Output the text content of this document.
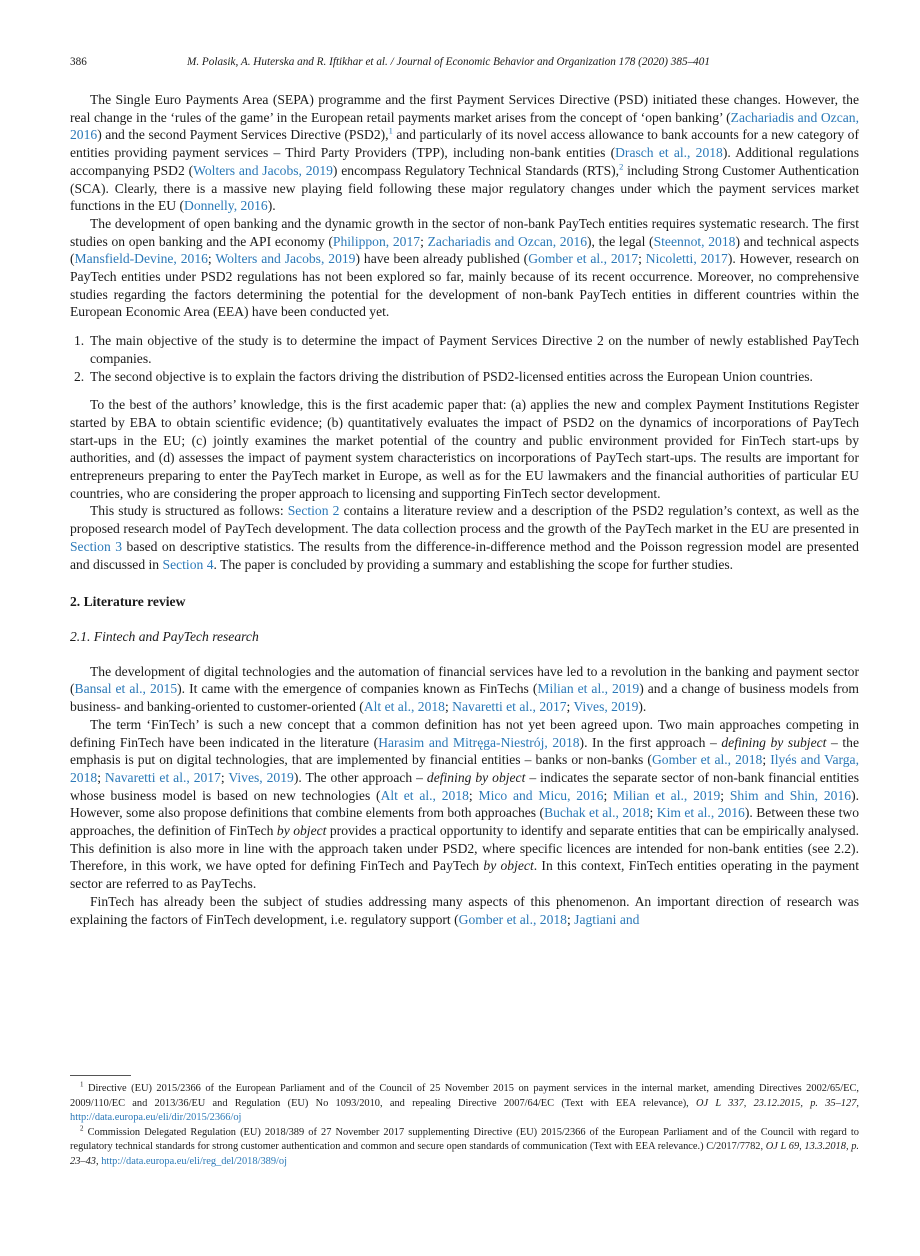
386	M. Polasik, A. Huterska and R. Iftikhar et al. / Journal of Economic Behavior and Organization 178 (2020) 385–401

The Single Euro Payments Area (SEPA) programme and the first Payment Services Directive (PSD) initiated these changes. However, the real change in the ‘rules of the game’ in the European retail payments market arises from the concept of ‘open banking’ (Zachariadis and Ozcan, 2016) and the second Payment Services Directive (PSD2),$^1$ and particularly of its novel access allowance to bank accounts for a new category of entities providing payment services – Third Party Providers (TPP), including non-bank entities (Drasch et al., 2018). Additional regulations accompanying PSD2 (Wolters and Jacobs, 2019) encompass Regulatory Technical Standards (RTS),$^2$ including Strong Customer Authentication (SCA). Clearly, there is a massive new playing field following these major regulatory changes under which the payment services market functions in the EU (Donnelly, 2016).

The development of open banking and the dynamic growth in the sector of non-bank PayTech entities requires systematic research. The first studies on open banking and the API economy (Philippon, 2017; Zachariadis and Ozcan, 2016), the legal (Steennot, 2018) and technical aspects (Mansfield-Devine, 2016; Wolters and Jacobs, 2019) have been already published (Gomber et al., 2017; Nicoletti, 2017). However, research on PayTech entities under PSD2 regulations has not been explored so far, mainly because of its recent occurrence. Moreover, no comprehensive studies regarding the factors determining the potential for the development of non-bank PayTech entities in different countries within the European Economic Area (EEA) have been conducted yet.

1. The main objective of the study is to determine the impact of Payment Services Directive 2 on the number of newly established PayTech companies.
2. The second objective is to explain the factors driving the distribution of PSD2-licensed entities across the European Union countries.

To the best of the authors’ knowledge, this is the first academic paper that: (a) applies the new and complex Payment Institutions Register started by EBA to obtain scientific evidence; (b) quantitatively evaluates the impact of PSD2 on the dynamics of incorporations of PayTech start-ups in the EU; (c) jointly examines the market potential of the country and public environment provided for FinTech start-ups by authorities, and (d) assesses the impact of payment system characteristics on incorporations of PayTech start-ups. The results are important for entrepreneurs preparing to enter the PayTech market in Europe, as well as for the EU lawmakers and the financial authorities of particular EU countries, who are considering the proper approach to licensing and supporting FinTech sector development.

This study is structured as follows: Section 2 contains a literature review and a description of the PSD2 regulation’s context, as well as the proposed research model of PayTech development. The data collection process and the growth of the PayTech market in the EU are presented in Section 3 based on descriptive statistics. The results from the difference-in-difference method and the Poisson regression model are presented and discussed in Section 4. The paper is concluded by providing a summary and establishing the scope for further studies.

2. Literature review
2.1. Fintech and PayTech research

The development of digital technologies and the automation of financial services have led to a revolution in the banking and payment sector (Bansal et al., 2015). It came with the emergence of companies known as FinTechs (Milian et al., 2019) and a change of business models from business- and banking-oriented to customer-oriented (Alt et al., 2018; Navaretti et al., 2017; Vives, 2019).

The term ‘FinTech’ is such a new concept that a common definition has not yet been agreed upon. Two main approaches competing in defining FinTech have been indicated in the literature (Harasim and Mitręga-Niestrój, 2018). In the first approach – defining by subject – the emphasis is put on digital technologies, that are implemented by financial entities – banks or non-banks (Gomber et al., 2018; Ilyés and Varga, 2018; Navaretti et al., 2017; Vives, 2019). The other approach – defining by object – indicates the separate sector of non-bank financial entities whose business model is based on new technologies (Alt et al., 2018; Mico and Micu, 2016; Milian et al., 2019; Shim and Shin, 2016). However, some also propose definitions that combine elements from both approaches (Buchak et al., 2018; Kim et al., 2016). Between these two approaches, the definition of FinTech by object provides a practical opportunity to identify and separate entities that can be empirically analysed. This definition is also more in line with the approach taken under PSD2, where specific licences are intended for non-bank entities (see 2.2). Therefore, in this work, we have opted for defining FinTech and PayTech by object. In this context, FinTech entities operating in the payment sector are referred to as PayTechs.

FinTech has already been the subject of studies addressing many aspects of this phenomenon. An important direction of research was explaining the factors of FinTech development, i.e. regulatory support (Gomber et al., 2018; Jagtiani and

$^1$ Directive (EU) 2015/2366 of the European Parliament and of the Council of 25 November 2015 on payment services in the internal market, amending Directives 2002/65/EC, 2009/110/EC and 2013/36/EU and Regulation (EU) No 1093/2010, and repealing Directive 2007/64/EC (Text with EEA relevance), OJ L 337, 23.12.2015, p. 35–127, http://data.europa.eu/eli/dir/2015/2366/oj

$^2$ Commission Delegated Regulation (EU) 2018/389 of 27 November 2017 supplementing Directive (EU) 2015/2366 of the European Parliament and of the Council with regard to regulatory technical standards for strong customer authentication and common and secure open standards of communication (Text with EEA relevance.) C/2017/7782, OJ L 69, 13.3.2018, p. 23–43, http://data.europa.eu/eli/reg_del/2018/389/oj
